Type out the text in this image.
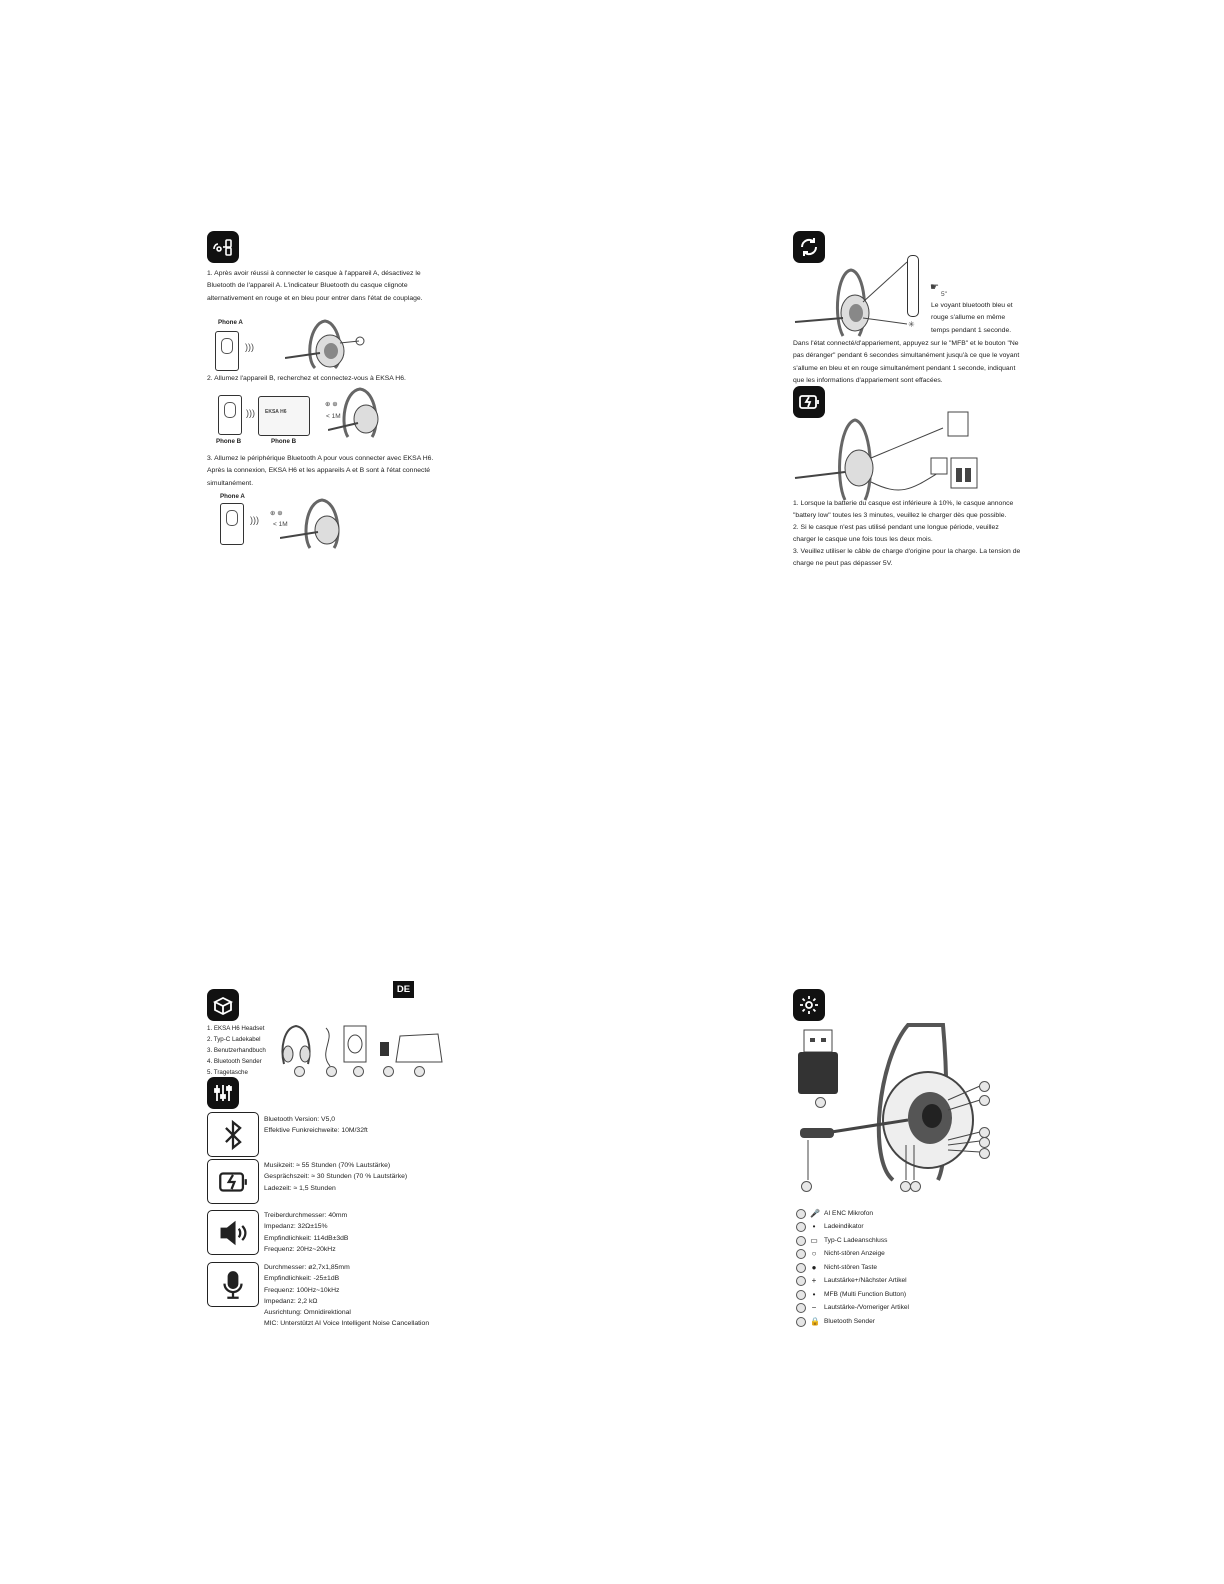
1. Après avoir réussi à connecter le casque à l'appareil A, désactivez le Bluetooth de l'appareil A. L'indicateur Bluetooth du casque clignote alternativement en rouge et en bleu pour entrer dans l'état de couplage.
Phone A
)))
2. Allumez l'appareil B, recherchez et connectez-vous à EKSA H6.
))) EKSA H6
⊕ ⊕
< 1M
Phone B	Phone B
3. Allumez le périphérique Bluetooth A pour vous connecter avec EKSA H6. Après la connexion, EKSA H6 et les appareils A et B sont à l'état connecté simultanément.
Phone A
)))
⊕ ⊕
< 1M
✳
☛
5"
Le voyant bluetooth bleu et rouge s'allume en même temps pendant 1 seconde.
Dans l'état connecté/d'appariement, appuyez sur le "MFB" et le bouton "Ne pas déranger" pendant 6 secondes simultanément jusqu'à ce que le voyant s'allume en bleu et en rouge simultanément pendant 1 seconde, indiquant que les informations d'appariement sont effacées.
1. Lorsque la batterie du casque est inférieure à 10%, le casque annonce "battery low" toutes les 3 minutes, veuillez le charger dès que possible.
2. Si le casque n'est pas utilisé pendant une longue période, veuillez charger le casque une fois tous les deux mois.
3. Veuillez utiliser le câble de charge d'origine pour la charge. La tension de charge ne peut pas dépasser 5V.
DE
1. EKSA H6 Headset
2. Typ-C Ladekabel
3. Benutzerhandbuch
4. Bluetooth Sender
5. Tragetasche
Bluetooth Version: V5,0
Effektive Funkreichweite: 10M/32ft
Musikzeit: ≈ 55 Stunden (70% Lautstärke)
Gesprächszeit: ≈ 30 Stunden (70 % Lautstärke)
Ladezeit: ≈ 1,5 Stunden
Treiberdurchmesser: 40mm
Impedanz: 32Ω±15%
Empfindlichkeit: 114dB±3dB
Frequenz: 20Hz~20kHz
Durchmesser: ø2,7x1,85mm
Empfindlichkeit: -25±1dB
Frequenz: 100Hz~10kHz
Impedanz: 2,2 kΩ
Ausrichtung: Omnidirektional
MIC: Unterstützt AI Voice Intelligent Noise Cancellation
🎤 AI ENC Mikrofon
•	Ladeindikator
▭ Typ-C Ladeanschluss
○ Nicht-stören Anzeige
● Nicht-stören Taste
+ Lautstärke+/Nächster Artikel
•	MFB (Multi Function Button)
− Lautstärke-/Vorneriger Artikel
🔒 Bluetooth Sender
